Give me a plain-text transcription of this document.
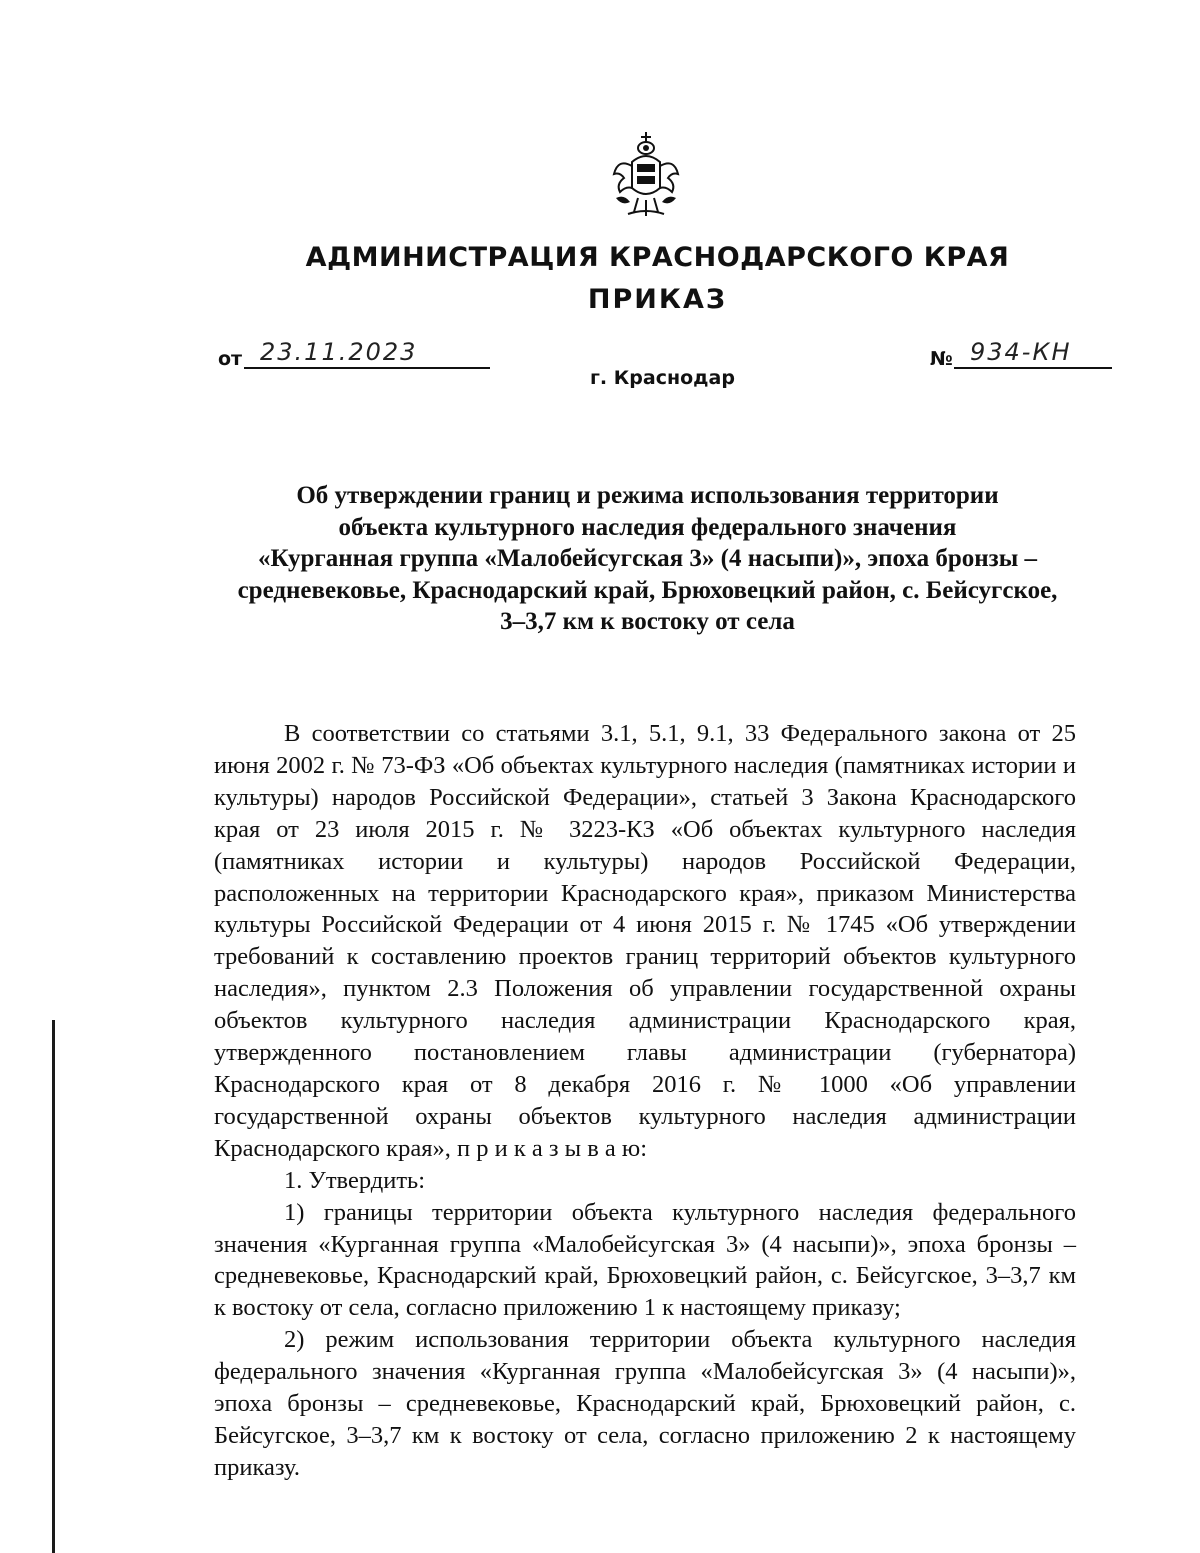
АДМИНИСТРАЦИЯ КРАСНОДАРСКОГО КРАЯ
ПРИКАЗ
от 23.11.2023	№ 934-КН
г. Краснодар
Об утверждении границ и режима использования территории
объекта культурного наследия федерального значения
«Курганная группа «Малобейсугская 3» (4 насыпи)», эпоха бронзы –
средневековье, Краснодарский край, Брюховецкий район, с. Бейсугское,
3–3,7 км к востоку от села

В соответствии со статьями 3.1, 5.1, 9.1, 33 Федерального закона от 25 июня 2002 г. № 73-ФЗ «Об объектах культурного наследия (памятниках истории и культуры) народов Российской Федерации», статьей 3 Закона Краснодарского края от 23 июля 2015 г. № 3223-КЗ «Об объектах культурного наследия (памятниках истории и культуры) народов Российской Федерации, расположенных на территории Краснодарского края», приказом Министерства культуры Российской Федерации от 4 июня 2015 г. № 1745 «Об утверждении требований к составлению проектов границ территорий объектов культурного наследия», пунктом 2.3 Положения об управлении государственной охраны объектов культурного наследия администрации Краснодарского края, утвержденного постановлением главы администрации (губернатора) Краснодарского края от 8 декабря 2016 г. № 1000 «Об управлении государственной охраны объектов культурного наследия администрации Краснодарского края», п р и к а з ы в а ю:

1. Утвердить:

1) границы территории объекта культурного наследия федерального значения «Курганная группа «Малобейсугская 3» (4 насыпи)», эпоха бронзы – средневековье, Краснодарский край, Брюховецкий район, с. Бейсугское, 3–3,7 км к востоку от села, согласно приложению 1 к настоящему приказу;

2) режим использования территории объекта культурного наследия федерального значения «Курганная группа «Малобейсугская 3» (4 насыпи)», эпоха бронзы – средневековье, Краснодарский край, Брюховецкий район, с. Бейсугское, 3–3,7 км к востоку от села, согласно приложению 2 к настоящему приказу.
